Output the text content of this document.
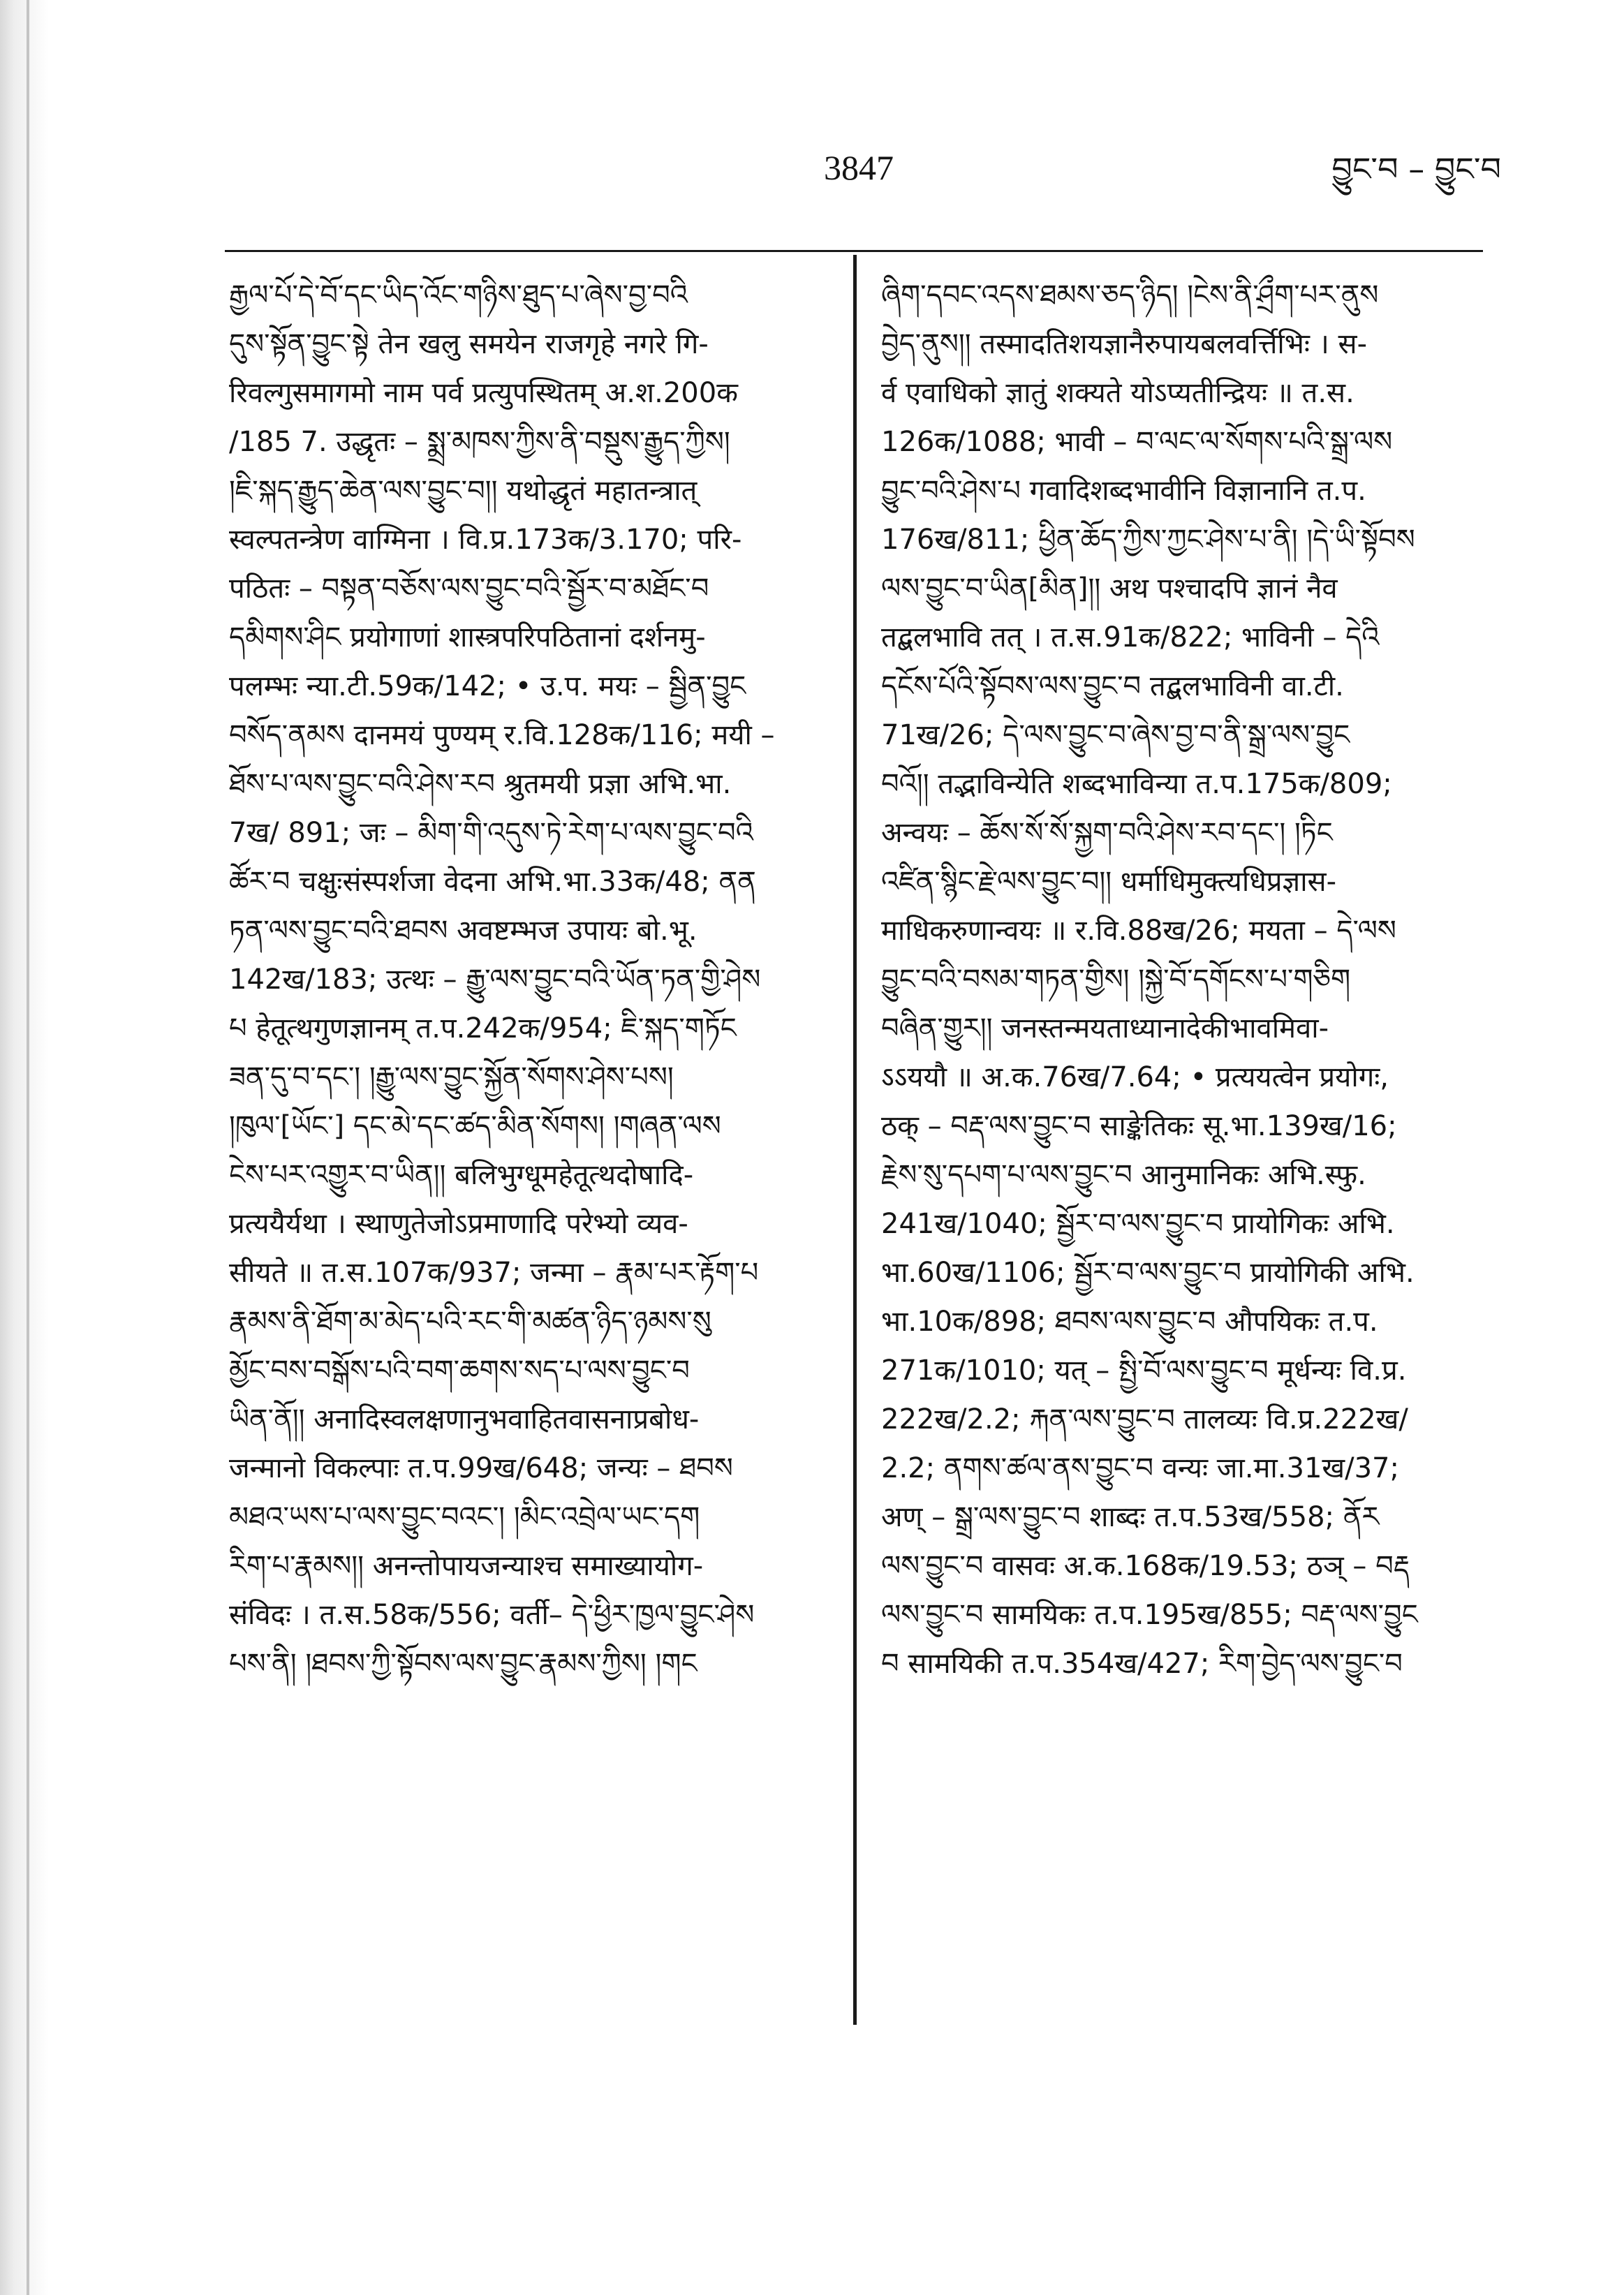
3847	བྱུང་བ – བྱུང་བ
རྒྱལ་པོ་དེ་བོ་དང་ཡིད་འོང་གཉིས་ཐུད་པ་ཞེས་བྱ་བའི
དུས་སྟོན་བྱུང་སྟེ तेन खलु समयेन राजगृहे नगरे गि-
रिवल्गुसमागमो नाम पर्व प्रत्युपस्थितम् अ.श.200क
/185 7. उद्धृतः – སྨྲ་མཁས་ཀྱིས་ནི་བསྡུས་རྒྱུད་ཀྱིས།
།ཇི་སྐད་རྒྱུད་ཆེན་ལས་བྱུང་བ།། यथोद्धृतं महातन्त्रात्
स्वल्पतन्त्रेण वाग्मिना । वि.प्र.173क/3.170; परि-
पठितः – བསྟན་བཅོས་ལས་བྱུང་བའི་སྦྱོར་བ་མཐོང་བ
དམིགས་ཤིང प्रयोगाणां शास्त्रपरिपठितानां दर्शनमु-
पलम्भः न्या.टी.59क/142; • उ.प. मयः – སྦྱིན་བྱུང
བསོད་ནམས दानमयं पुण्यम् र.वि.128क/116; मयी –
ཐོས་པ་ལས་བྱུང་བའི་ཤེས་རབ श्रुतमयी प्रज्ञा अभि.भा.
7ख/ 891; जः – མིག་གི་འདུས་ཏེ་རེག་པ་ལས་བྱུང་བའི
ཚོར་བ चक्षुःसंस्पर्शजा वेदना अभि.भा.33क/48; ནན
ཏན་ལས་བྱུང་བའི་ཐབས अवष्टम्भज उपायः बो.भू.
142ख/183; उत्थः – རྒྱུ་ལས་བྱུང་བའི་ཡོན་ཏན་གྱི་ཤེས
པ हेतूत्थगुणज्ञानम् त.प.242क/954; ཇི་སྐད་གཏོང
ཟན་དུ་བ་དང་། །རྒྱུ་ལས་བྱུང་སྐྱོན་སོགས་ཤེས་པས།
།ཁུལ་[ཡོང་] དང་མེ་དང་ཚད་མིན་སོགས། །གཞན་ལས
ངེས་པར་འགྱུར་བ་ཡིན།། बलिभुग्धूमहेतूत्थदोषादि-
प्रत्ययैर्यथा । स्थाणुतेजोऽप्रमाणादि परेभ्यो व्यव-
सीयते ॥ त.स.107क/937; जन्मा – རྣམ་པར་རྟོག་པ
རྣམས་ནི་ཐོག་མ་མེད་པའི་རང་གི་མཚན་ཉིད་ཉམས་སུ
མྱོང་བས་བསྒོས་པའི་བག་ཆགས་སད་པ་ལས་བྱུང་བ
ཡིན་ནོ།། अनादिस्वलक्षणानुभवाहितवासनाप्रबोध-
जन्मानो विकल्पाः त.प.99ख/648; जन्यः – ཐབས
མཐའ་ཡས་པ་ལས་བྱུང་བའང་། །མིང་འབྲེལ་ཡང་དག
རིག་པ་རྣམས།། अनन्तोपायजन्याश्च समाख्यायोग-
संविदः । त.स.58क/556; वर्ती– དེ་ཕྱིར་ཁྱལ་བྱུང་ཤེས
པས་ནི། །ཐབས་ཀྱི་སྟོབས་ལས་བྱུང་རྣམས་ཀྱིས། །གང
ཞིག་དབང་འདས་ཐམས་ཅད་ཉིད། །ངེས་ནི་ཤྲྀག་པར་ནུས
བྱེད་ནུས།། तस्मादतिशयज्ञानैरुपायबलवर्त्तिभिः । स-
र्व एवाधिको ज्ञातुं शक्यते योऽप्यतीन्द्रियः ॥ त.स.
126क/1088; भावी – བ་ལང་ལ་སོགས་པའི་སྒྲ་ལས
བྱུང་བའི་ཤེས་པ गवादिशब्दभावीनि विज्ञानानि त.प.
176ख/811; ཕྱིན་ཆོད་ཀྱིས་ཀྱང་ཤེས་པ་ནི། །དེ་ཡི་སྟོབས
ལས་བྱུང་བ་ཡིན[མིན]།། अथ पश्चादपि ज्ञानं नैव
तद्बलभावि तत् । त.स.91क/822; भाविनी – དེའི
དངོས་པོའི་སྟོབས་ལས་བྱུང་བ तद्बलभाविनी वा.टी.
71ख/26; དེ་ལས་བྱུང་བ་ཞེས་བྱ་བ་ནི་སྒྲ་ལས་བྱུང
བའོ།། तद्भाविन्येति शब्दभाविन्या त.प.175क/809;
अन्वयः – ཆོས་སོ་སོ་སྐྱག་བའི་ཤེས་རབ་དང་། །ཏིང
འཛིན་སྙིང་རྗེ་ལས་བྱུང་བ།། धर्माधिमुक्त्यधिप्रज्ञास-
माधिकरुणान्वयः ॥ र.वि.88ख/26; मयता – དེ་ལས
བྱུང་བའི་བསམ་གཏན་གྱིས། །སྐྱེ་བོ་དགོངས་པ་གཅིག
བཞིན་གྱུར།། जनस्तन्मयताध्यानादेकीभावमिवा-
ऽऽययौ ॥ अ.क.76ख/7.64; • प्रत्ययत्वेन प्रयोगः,
ठक् – བརྡ་ལས་བྱུང་བ साङ्केतिकः सू.भा.139ख/16;
རྗེས་སུ་དཔག་པ་ལས་བྱུང་བ आनुमानिकः अभि.स्फु.
241ख/1040; སྦྱོར་བ་ལས་བྱུང་བ प्रायोगिकः अभि.
भा.60ख/1106; སྦྱོར་བ་ལས་བྱུང་བ प्रायोगिकी अभि.
भा.10क/898; ཐབས་ལས་བྱུང་བ औपयिकः त.प.
271क/1010; यत् – སྤྱི་བོ་ལས་བྱུང་བ मूर्धन्यः वि.प्र.
222ख/2.2; རྐན་ལས་བྱུང་བ तालव्यः वि.प्र.222ख/
2.2; ནགས་ཚལ་ནས་བྱུང་བ वन्यः जा.मा.31ख/37;
अण् – སྒྲ་ལས་བྱུང་བ शाब्दः त.प.53ख/558; ནོར
ལས་བྱུང་བ वासवः अ.क.168क/19.53; ठञ् – བརྡ
ལས་བྱུང་བ सामयिकः त.प.195ख/855; བརྡ་ལས་བྱུང
བ सामयिकी त.प.354ख/427; རིག་བྱེད་ལས་བྱུང་བ
